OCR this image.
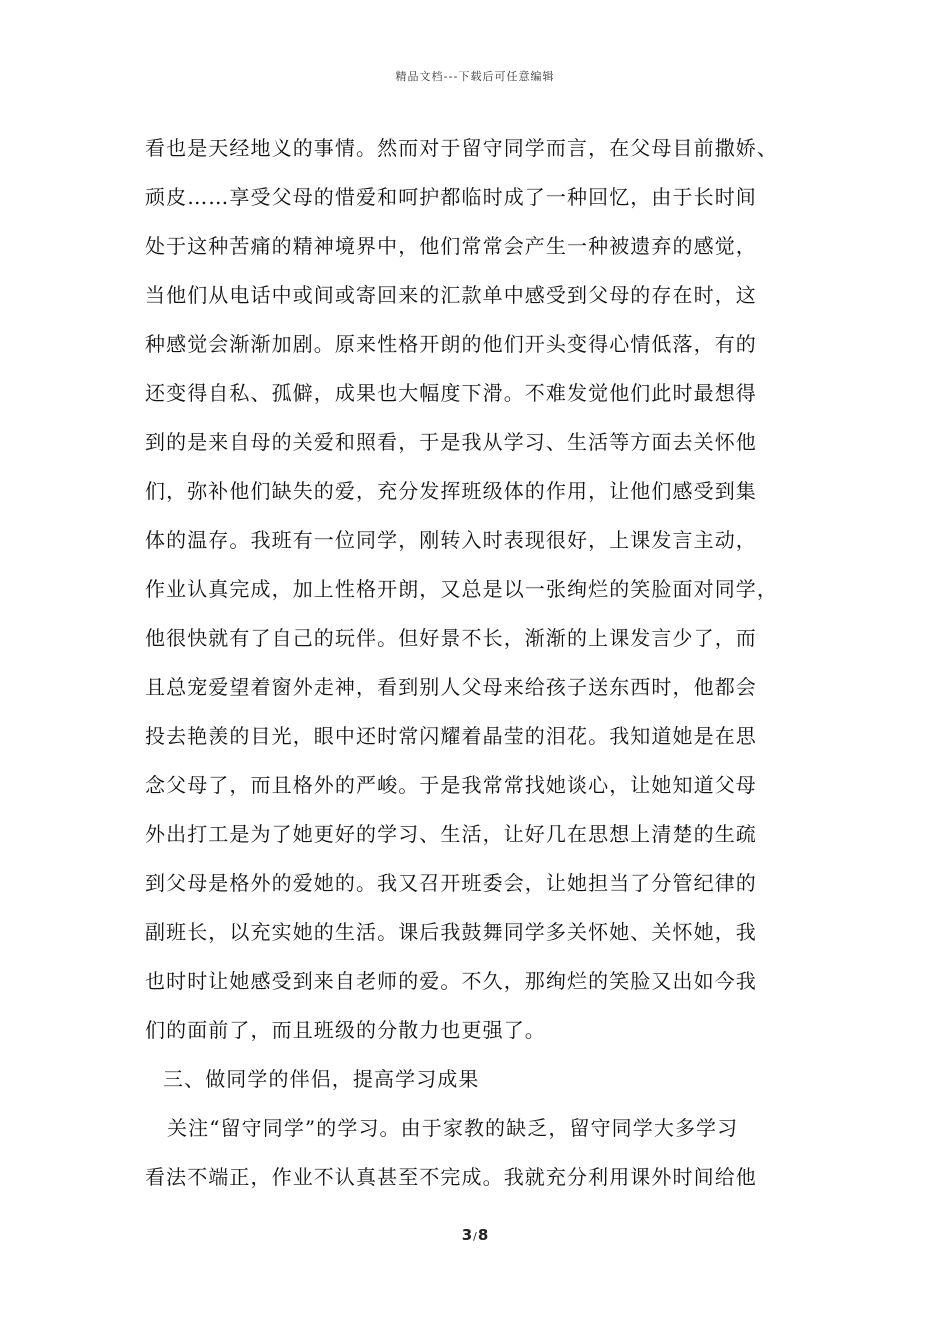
精品文档---下载后可任意编辑
看也是天经地义的事情。然而对于留守同学而言，在父母目前撒娇、
顽皮……享受父母的惜爱和呵护都临时成了一种回忆，由于长时间
处于这种苦痛的精神境界中，他们常常会产生一种被遗弃的感觉，
当他们从电话中或间或寄回来的汇款单中感受到父母的存在时，这
种感觉会渐渐加剧。原来性格开朗的他们开头变得心情低落，有的
还变得自私、孤僻，成果也大幅度下滑。不难发觉他们此时最想得
到的是来自母的关爱和照看，于是我从学习、生活等方面去关怀他
们，弥补他们缺失的爱，充分发挥班级体的作用，让他们感受到集
体的温存。我班有一位同学，刚转入时表现很好，上课发言主动，
作业认真完成，加上性格开朗，又总是以一张绚烂的笑脸面对同学，
他很快就有了自己的玩伴。但好景不长，渐渐的上课发言少了，而
且总宠爱望着窗外走神，看到别人父母来给孩子送东西时，他都会
投去艳羡的目光，眼中还时常闪耀着晶莹的泪花。我知道她是在思
念父母了，而且格外的严峻。于是我常常找她谈心，让她知道父母
外出打工是为了她更好的学习、生活，让好几在思想上清楚的生疏
到父母是格外的爱她的。我又召开班委会，让她担当了分管纪律的
副班长，以充实她的生活。课后我鼓舞同学多关怀她、关怀她，我
也时时让她感受到来自老师的爱。不久，那绚烂的笑脸又出如今我
们的面前了，而且班级的分散力也更强了。
三、做同学的伴侣，提高学习成果
关注“留守同学”的学习。由于家教的缺乏，留守同学大多学习
看法不端正，作业不认真甚至不完成。我就充分利用课外时间给他
3/8
